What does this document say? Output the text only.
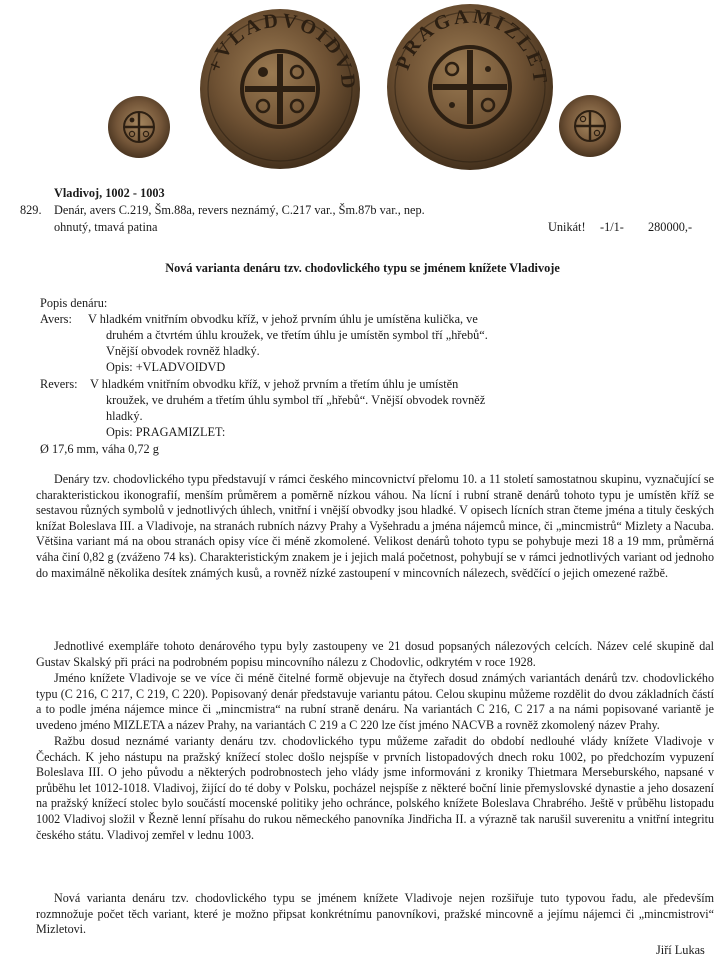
+VLADVOIDVD
PRAGAMIZLET
Vladivoj, 1002 - 1003
829. Denár, avers C.219, Šm.88a, revers neznámý, C.217 var., Šm.87b var., nep.
ohnutý, tmavá patina	Unikát! -1/1- 280000,-
Nová varianta denáru tzv. chodovlického typu se jménem knížete Vladivoje
Popis denáru:
Avers: V hladkém vnitřním obvodku kříž, v jehož prvním úhlu je umístěna kulička, ve
druhém a čtvrtém úhlu kroužek, ve třetím úhlu je umístěn symbol tří „hřebů“.
Vnější obvodek rovněž hladký.
Opis: +VLADVOIDVD
Revers: V hladkém vnitřním obvodku kříž, v jehož prvním a třetím úhlu je umístěn
kroužek, ve druhém a třetím úhlu symbol tří „hřebů“. Vnější obvodek rovněž
hladký.
Opis: PRAGAMIZLET:
Ø 17,6 mm, váha 0,72 g
Denáry tzv. chodovlického typu představují v rámci českého mincovnictví přelomu 10. a 11 století samostatnou skupinu, vyznačující se charakteristickou ikonografií, menším průměrem a poměrně nízkou váhou. Na lícní i rubní straně denárů tohoto typu je umístěn kříž se sestavou různých symbolů v jednotlivých úhlech, vnitřní i vnější obvodky jsou hladké. V opisech lícních stran čteme jména a tituly českých knížat Boleslava III. a Vladivoje, na stranách rubních názvy Prahy a Vyšehradu a jména nájemců mince, či „mincmistrů“ Mizlety a Nacuba. Většina variant má na obou stranách opisy více či méně zkomolené. Velikost denárů tohoto typu se pohybuje mezi 18 a 19 mm, průměrná váha činí 0,82 g (zváženo 74 ks). Charakteristickým znakem je i jejich malá početnost, pohybují se v rámci jednotlivých variant od jednoho do maximálně několika desítek známých kusů, a rovněž nízké zastoupení v mincovních nálezech, svědčící o jejich omezené ražbě.
Jednotlivé exempláře tohoto denárového typu byly zastoupeny ve 21 dosud popsaných nálezových celcích. Název celé skupině dal Gustav Skalský při práci na podrobném popisu mincovního nálezu z Chodovlic, odkrytém v roce 1928.
Jméno knížete Vladivoje se ve více či méně čitelné formě objevuje na čtyřech dosud známých variantách denárů tzv. chodovlického typu (C 216, C 217, C 219, C 220). Popisovaný denár představuje variantu pátou. Celou skupinu můžeme rozdělit do dvou základních částí a to podle jména nájemce mince či „mincmistra“ na rubní straně denáru. Na variantách C 216, C 217 a na námi popisované variantě je uvedeno jméno MIZLETA a název Prahy, na variantách C 219 a C 220 lze číst jméno NACVB a rovněž zkomolený název Prahy.
Ražbu dosud neznámé varianty denáru tzv. chodovlického typu můžeme zařadit do období nedlouhé vlády knížete Vladivoje v Čechách. K jeho nástupu na pražský knížecí stolec došlo nejspíše v prvních listopadových dnech roku 1002, po předchozím vypuzení Boleslava III. O jeho původu a některých podrobnostech jeho vlády jsme informováni z kroniky Thietmara Merseburského, napsané v průběhu let 1012-1018. Vladivoj, žijící do té doby v Polsku, pocházel nejspíše z některé boční linie přemyslovské dynastie a jeho dosazení na pražský knížecí stolec bylo součástí mocenské politiky jeho ochránce, polského knížete Boleslava Chrabrého. Ještě v průběhu listopadu 1002 Vladivoj složil v Řezně lenní přísahu do rukou německého panovníka Jindřicha II. a výrazně tak narušil suverenitu a vnitřní integritu českého státu. Vladivoj zemřel v lednu 1003.
Nová varianta denáru tzv. chodovlického typu se jménem knížete Vladivoje nejen rozšiřuje tuto typovou řadu, ale především rozmnožuje počet těch variant, které je možno připsat konkrétnímu panovníkovi, pražské mincovně a jejímu nájemci či „mincmistrovi“ Mizletovi.
Jiří Lukas
